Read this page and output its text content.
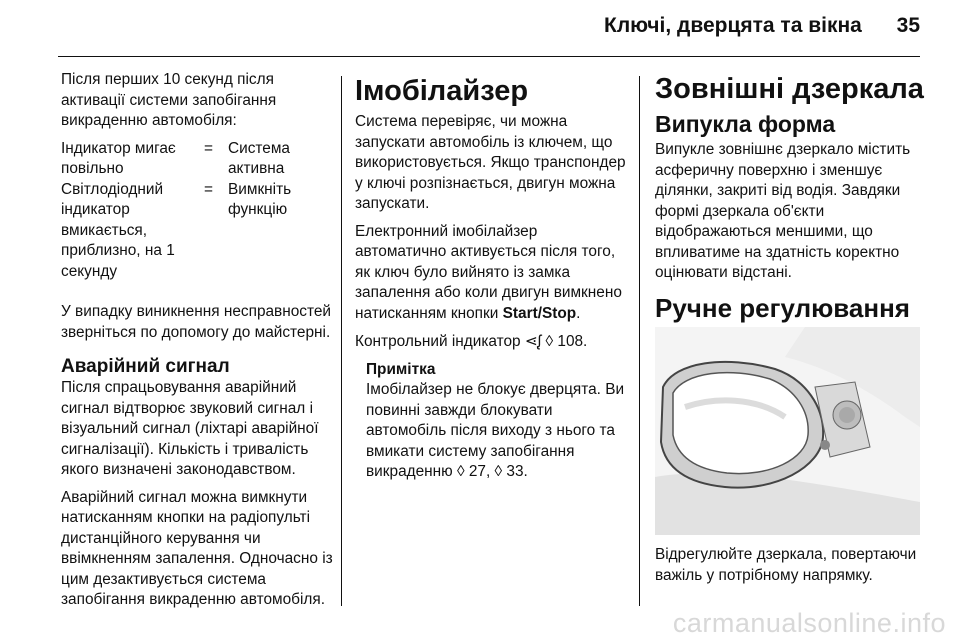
Ключі, дверцята та вікна 35

Після перших 10 секунд після активації системи запобігання викраденню автомобіля:

Індикатор мигає повільно
= Система активна
Світлодіодний індикатор вмикається, приблизно, на 1 секунду
= Вимкніть функцію

У випадку виникнення несправностей зверніться по допомогу до майстерні.

Аварійний сигнал

Після спрацьовування аварійний сигнал відтворює звуковий сигнал і візуальний сигнал (ліхтарі аварійної сигналізації). Кількість і тривалість якого визначені законодавством.

Аварійний сигнал можна вимкнути натисканням кнопки на радіопульті дистанційного керування чи ввімкненням запалення. Одночасно із цим дезактивується система запобігання викраденню автомобіля.

Імобілайзер

Система перевіряє, чи можна запускати автомобіль із ключем, що використовується. Якщо транспондер у ключі розпізнається, двигун можна запускати.

Електронний імобілайзер автоматично активується після того, як ключ було вийнято із замка запалення або коли двигун вимкнено натисканням кнопки Start/Stop.

Контрольний індикатор ⋖ᶘ ◊ 108.

Примітка
Імобілайзер не блокує дверцята. Ви повинні завжди блокувати автомобіль після виходу з нього та вмикати систему запобігання викраденню ◊ 27, ◊ 33.
Зовнішні дзеркала
Випукла форма

Випукле зовнішнє дзеркало містить асферичну поверхню і зменшує ділянки, закриті від водія. Завдяки формі дзеркала об'єкти відображаються меншими, що впливатиме на здатність коректно оцінювати відстані.

Ручне регулювання

Відрегулюйте дзеркала, повертаючи важіль у потрібному напрямку.

carmanualsonline.info
